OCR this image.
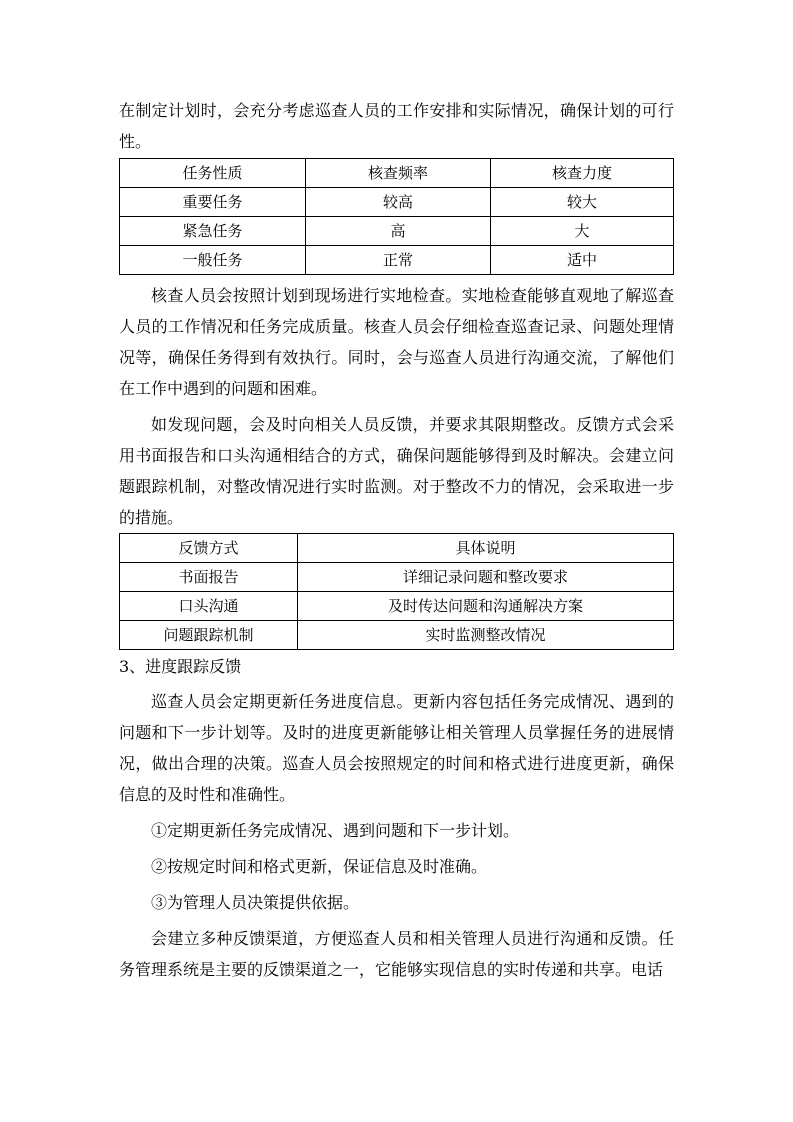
在制定计划时，会充分考虑巡查人员的工作安排和实际情况，确保计划的可行性。

任务性质	核查频率	核查力度
重要任务	较高	较大
紧急任务	高	大
一般任务	正常	适中

核查人员会按照计划到现场进行实地检查。实地检查能够直观地了解巡查人员的工作情况和任务完成质量。核查人员会仔细检查巡查记录、问题处理情况等，确保任务得到有效执行。同时，会与巡查人员进行沟通交流，了解他们在工作中遇到的问题和困难。

如发现问题，会及时向相关人员反馈，并要求其限期整改。反馈方式会采用书面报告和口头沟通相结合的方式，确保问题能够得到及时解决。会建立问题跟踪机制，对整改情况进行实时监测。对于整改不力的情况，会采取进一步的措施。

反馈方式	具体说明
书面报告	详细记录问题和整改要求
口头沟通	及时传达问题和沟通解决方案
问题跟踪机制	实时监测整改情况

3、进度跟踪反馈

巡查人员会定期更新任务进度信息。更新内容包括任务完成情况、遇到的问题和下一步计划等。及时的进度更新能够让相关管理人员掌握任务的进展情况，做出合理的决策。巡查人员会按照规定的时间和格式进行进度更新，确保信息的及时性和准确性。

①定期更新任务完成情况、遇到问题和下一步计划。

②按规定时间和格式更新，保证信息及时准确。

③为管理人员决策提供依据。

会建立多种反馈渠道，方便巡查人员和相关管理人员进行沟通和反馈。任务管理系统是主要的反馈渠道之一，它能够实现信息的实时传递和共享。电话
